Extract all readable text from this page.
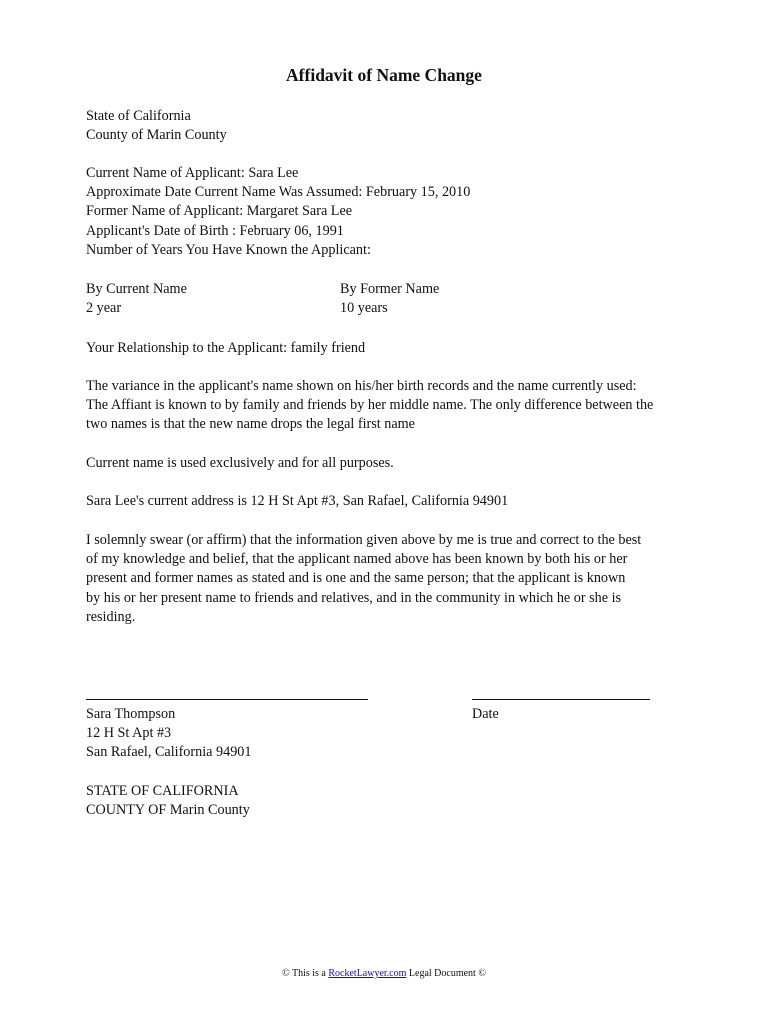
Affidavit of Name Change
State of California
County of Marin County
Current Name of Applicant: Sara Lee
Approximate Date Current Name Was Assumed: February 15, 2010
Former Name of Applicant: Margaret Sara Lee
Applicant's Date of Birth : February 06, 1991
Number of Years You Have Known the Applicant:
By Current Name
2 year
By Former Name
10 years
Your Relationship to the Applicant: family friend
The variance in the applicant's name shown on his/her birth records and the name currently used:
The Affiant is known to by family and friends by her middle name. The only difference between the
two names is that the new name drops the legal first name
Current name is used exclusively and for all purposes.
Sara Lee's current address is 12 H St Apt #3, San Rafael, California 94901
I solemnly swear (or affirm) that the information given above by me is true and correct to the best
of my knowledge and belief, that the applicant named above has been known by both his or her
present and former names as stated and is one and the same person; that the applicant is known
by his or her present name to friends and relatives, and in the community in which he or she is
residing.
Sara Thompson
12 H St Apt #3
San Rafael, California 94901
Date
STATE OF CALIFORNIA
COUNTY OF Marin County
© This is a RocketLawyer.com Legal Document ©
